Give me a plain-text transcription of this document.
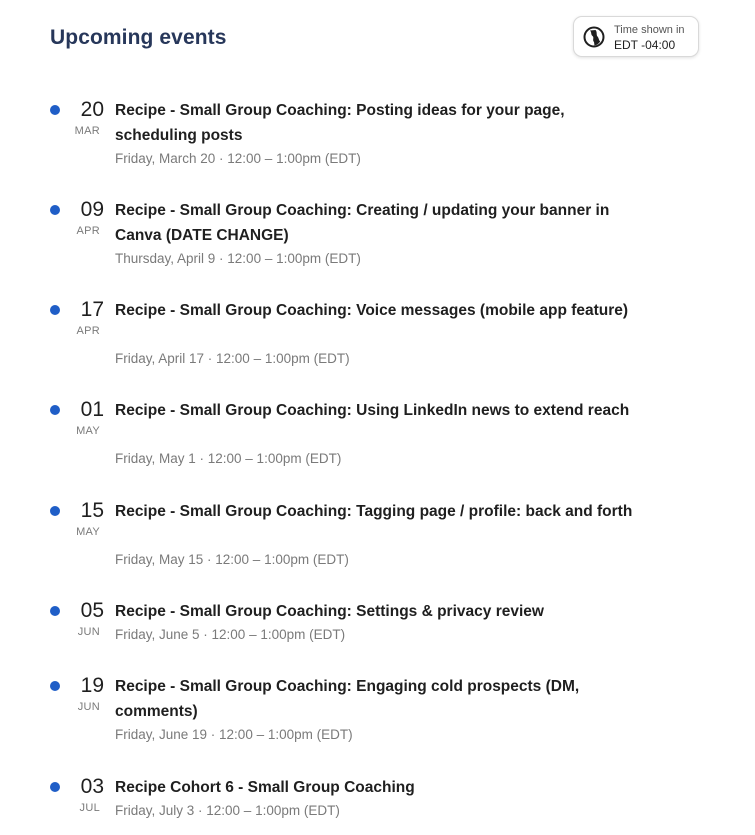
Upcoming events	Time shown in
EDT -04:00
20
MAR
Recipe - Small Group Coaching: Posting ideas for your page, scheduling posts
Friday, March 20 · 12:00 – 1:00pm (EDT)
09
APR
Recipe - Small Group Coaching: Creating / updating your banner in Canva (DATE CHANGE)
Thursday, April 9 · 12:00 – 1:00pm (EDT)
17
APR
Recipe - Small Group Coaching: Voice messages (mobile app feature)
Friday, April 17 · 12:00 – 1:00pm (EDT)
01
MAY
Recipe - Small Group Coaching: Using LinkedIn news to extend reach
Friday, May 1 · 12:00 – 1:00pm (EDT)
15
MAY
Recipe - Small Group Coaching: Tagging page / profile: back and forth
Friday, May 15 · 12:00 – 1:00pm (EDT)
05
JUN
Recipe - Small Group Coaching: Settings & privacy review
Friday, June 5 · 12:00 – 1:00pm (EDT)
19
JUN
Recipe - Small Group Coaching: Engaging cold prospects (DM, comments)
Friday, June 19 · 12:00 – 1:00pm (EDT)
03
JUL
Recipe Cohort 6 - Small Group Coaching
Friday, July 3 · 12:00 – 1:00pm (EDT)
